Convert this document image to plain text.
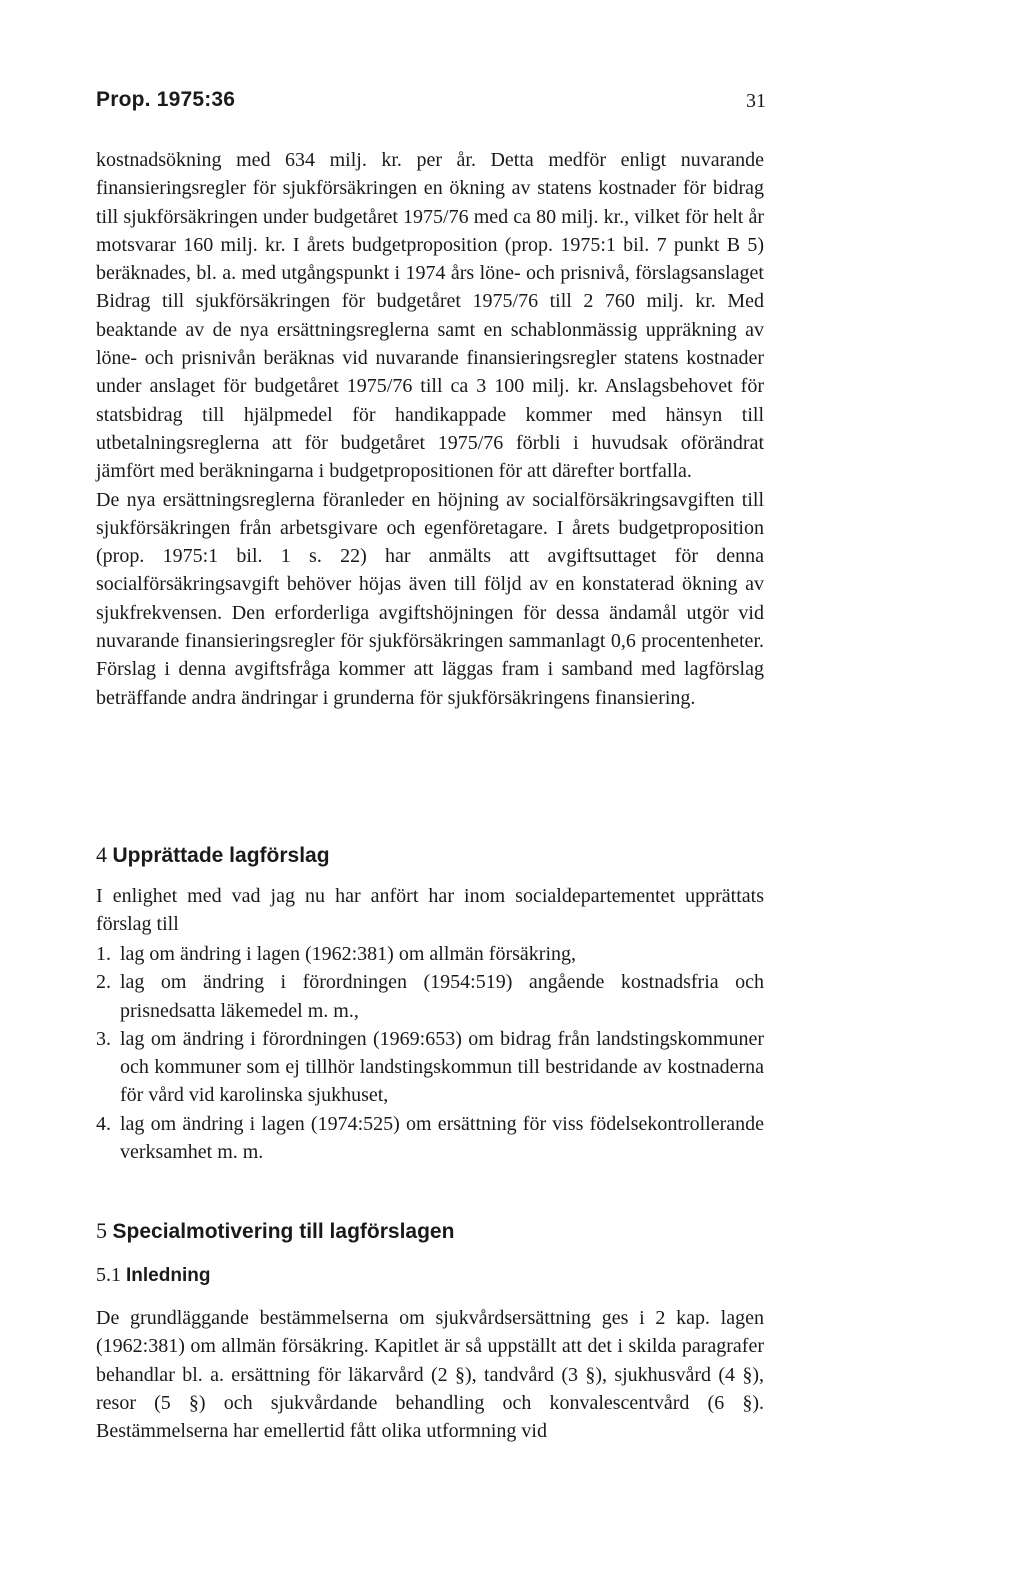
Prop. 1975:36	31

kostnadsökning med 634 milj. kr. per år. Detta medför enligt nuvarande finansieringsregler för sjukförsäkringen en ökning av statens kostnader för bidrag till sjukförsäkringen under budgetåret 1975/76 med ca 80 milj. kr., vilket för helt år motsvarar 160 milj. kr. I årets budgetproposition (prop. 1975:1 bil. 7 punkt B 5) beräknades, bl. a. med utgångspunkt i 1974 års löne- och prisnivå, förslagsanslaget Bidrag till sjukförsäkringen för budgetåret 1975/76 till 2 760 milj. kr. Med beaktande av de nya ersättningsreglerna samt en schablonmässig uppräkning av löne- och prisnivån beräknas vid nuvarande finansieringsregler statens kostnader under anslaget för budgetåret 1975/76 till ca 3 100 milj. kr. Anslagsbehovet för statsbidrag till hjälpmedel för handikappade kommer med hänsyn till utbetalningsreglerna att för budgetåret 1975/76 förbli i huvudsak oförändrat jämfört med beräkningarna i budgetpropositionen för att därefter bortfalla.

De nya ersättningsreglerna föranleder en höjning av socialförsäkringsavgiften till sjukförsäkringen från arbetsgivare och egenföretagare. I årets budgetproposition (prop. 1975:1 bil. 1 s. 22) har anmälts att avgiftsuttaget för denna socialförsäkringsavgift behöver höjas även till följd av en konstaterad ökning av sjukfrekvensen. Den erforderliga avgiftshöjningen för dessa ändamål utgör vid nuvarande finansieringsregler för sjukförsäkringen sammanlagt 0,6 procentenheter. Förslag i denna avgiftsfråga kommer att läggas fram i samband med lagförslag beträffande andra ändringar i grunderna för sjukförsäkringens finansiering.

4 Upprättade lagförslag

I enlighet med vad jag nu har anfört har inom socialdepartementet upprättats förslag till

1. lag om ändring i lagen (1962:381) om allmän försäkring,
2. lag om ändring i förordningen (1954:519) angående kostnadsfria och prisnedsatta läkemedel m. m.,
3. lag om ändring i förordningen (1969:653) om bidrag från landstingskommuner och kommuner som ej tillhör landstingskommun till bestridande av kostnaderna för vård vid karolinska sjukhuset,
4. lag om ändring i lagen (1974:525) om ersättning för viss födelsekontrollerande verksamhet m. m.
5 Specialmotivering till lagförslagen
5.1 Inledning

De grundläggande bestämmelserna om sjukvårdsersättning ges i 2 kap. lagen (1962:381) om allmän försäkring. Kapitlet är så uppställt att det i skilda paragrafer behandlar bl. a. ersättning för läkarvård (2 §), tandvård (3 §), sjukhusvård (4 §), resor (5 §) och sjukvårdande behandling och konvalescentvård (6 §). Bestämmelserna har emellertid fått olika utformning vid
